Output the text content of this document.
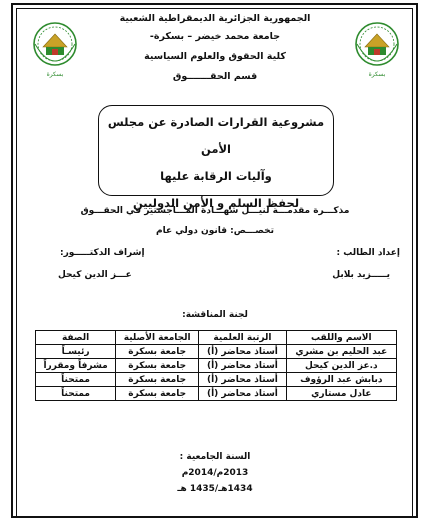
بسكرة	بسكرة
الجمهورية الجزائرية الديمقراطية الشعبية
جامعة محمد خيضر – بسكرة-
كلية الحقوق والعلوم السياسية
قسم الحقـــــــوق
مشروعية القرارات الصادرة عن مجلس الأمن
وآليات الرقابة عليها
لحفظ السلم و الأمن الدوليين
مذكـــرة مقدمـــة لنيـــل شهـــادة المـــاجستير في الحقـــوق
تخصـــص: قانون دولي عام
إعداد الطالب :
إشراف الدكتـــــور:
يـــــزيد بلابل
عـــز الدين كيحل
لجنة المناقشة:
الاسم واللقب	الرتبة العلمية	الجامعة الأصلية	الصفة
عبد الحليم بن مشري	أستاذ محاضر (أ)	جامعة بسكرة	رئيسـاً
د.عز الدين كيحل	أستاذ محاضر (أ)	جامعة بسكرة	مشرفاً ومقرراً
دبابش عبد الرؤوف	أستاذ محاضر (أ)	جامعة بسكرة	ممتحناً
عادل مستاري	أستاذ محاضر (أ)	جامعة بسكرة	ممتحناً
السنة الجامعية :
2013م/2014م
1434هـ/1435 هـ
